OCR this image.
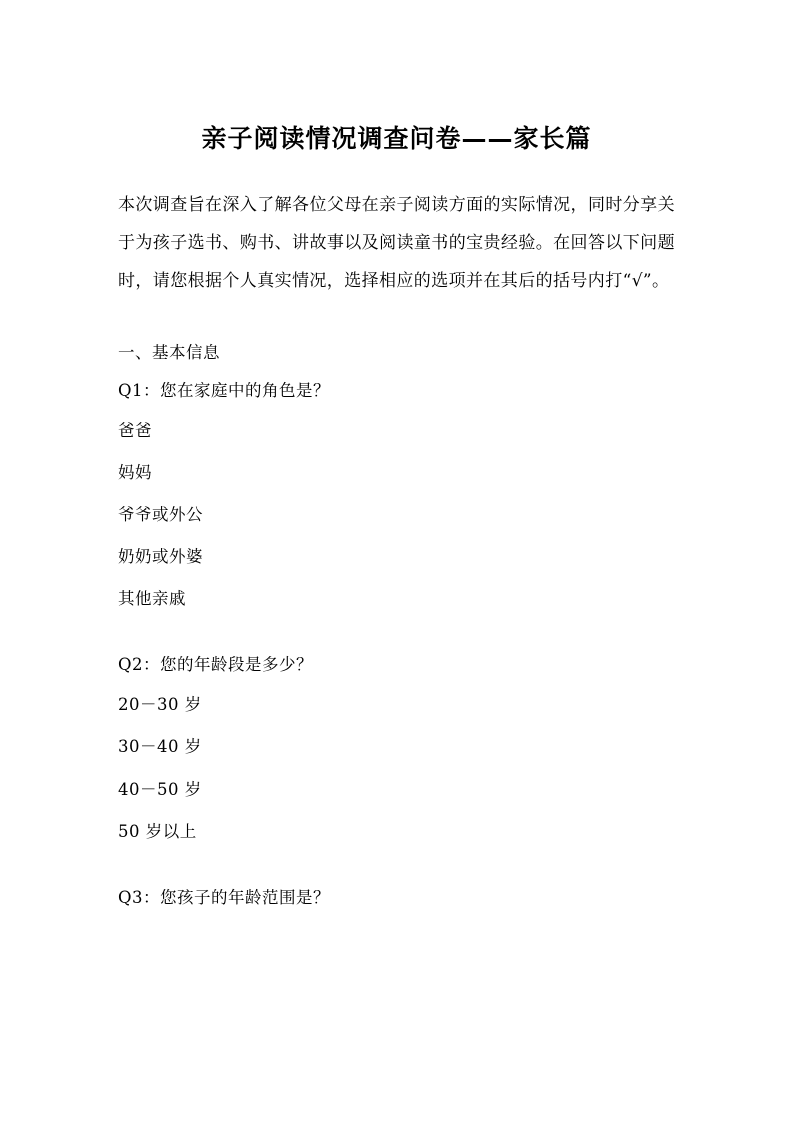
亲子阅读情况调查问卷——家长篇

本次调查旨在深入了解各位父母在亲子阅读方面的实际情况，同时分享关于为孩子选书、购书、讲故事以及阅读童书的宝贵经验。在回答以下问题时，请您根据个人真实情况，选择相应的选项并在其后的括号内打“√”。

一、基本信息

Q1：您在家庭中的角色是？

爸爸

妈妈

爷爷或外公

奶奶或外婆

其他亲戚

Q2：您的年龄段是多少？

20－30 岁

30－40 岁

40－50 岁

50 岁以上

Q3：您孩子的年龄范围是？
